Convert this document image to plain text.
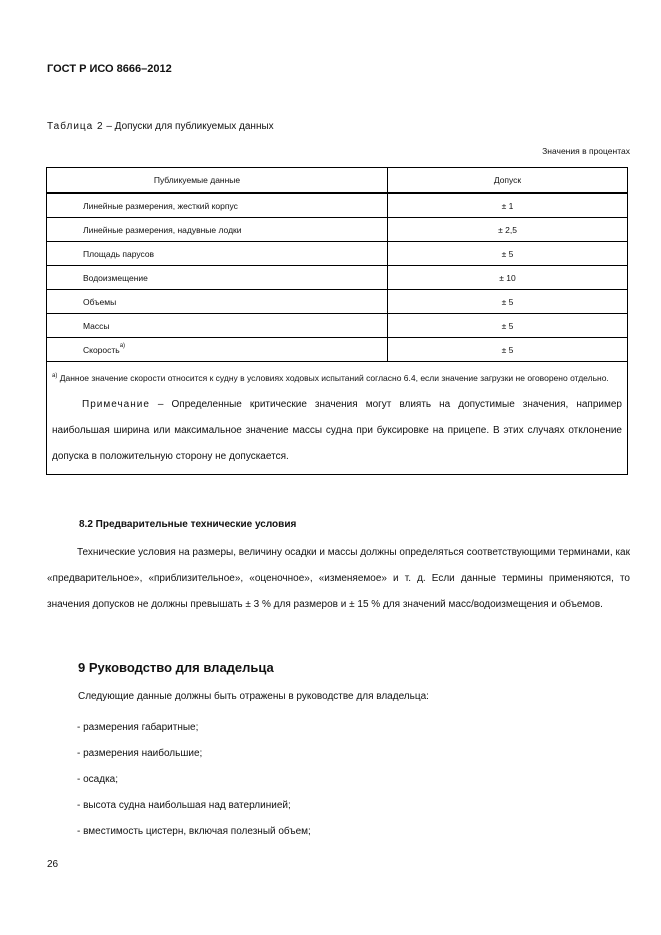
ГОСТ Р ИСО 8666–2012
Таблица 2 – Допуски для публикуемых данных
Значения в процентах
Публикуемые данные	Допуск
Линейные размерения, жесткий корпус	± 1
Линейные размерения, надувные лодки	± 2,5
Площадь парусов	± 5
Водоизмещение	± 10
Объемы	± 5
Массы	± 5
Скорость$^{а)}$	± 5

$^{а)}$ Данное значение скорости относится к судну в условиях ходовых испытаний согласно 6.4, если значение загрузки не оговорено отдельно.
Примечание – Определенные критические значения могут влиять на допустимые значения, например наибольшая ширина или максимальное значение массы судна при буксировке на прицепе. В этих случаях отклонение допуска в положительную сторону не допускается.	
8.2 Предварительные технические условия
Технические условия на размеры, величину осадки и массы должны определяться соответствующими терминами, как «предварительное», «приблизительное», «оценочное», «изменяемое» и т. д. Если данные термины применяются, то значения допусков не должны превышать ± 3 % для размеров и ± 15 % для значений масс/водоизмещения и объемов.
9 Руководство для владельца
Следующие данные должны быть отражены в руководстве для владельца:
- размерения габаритные;
- размерения наибольшие;
- осадка;
- высота судна наибольшая над ватерлинией;
- вместимость цистерн, включая полезный объем;
26
